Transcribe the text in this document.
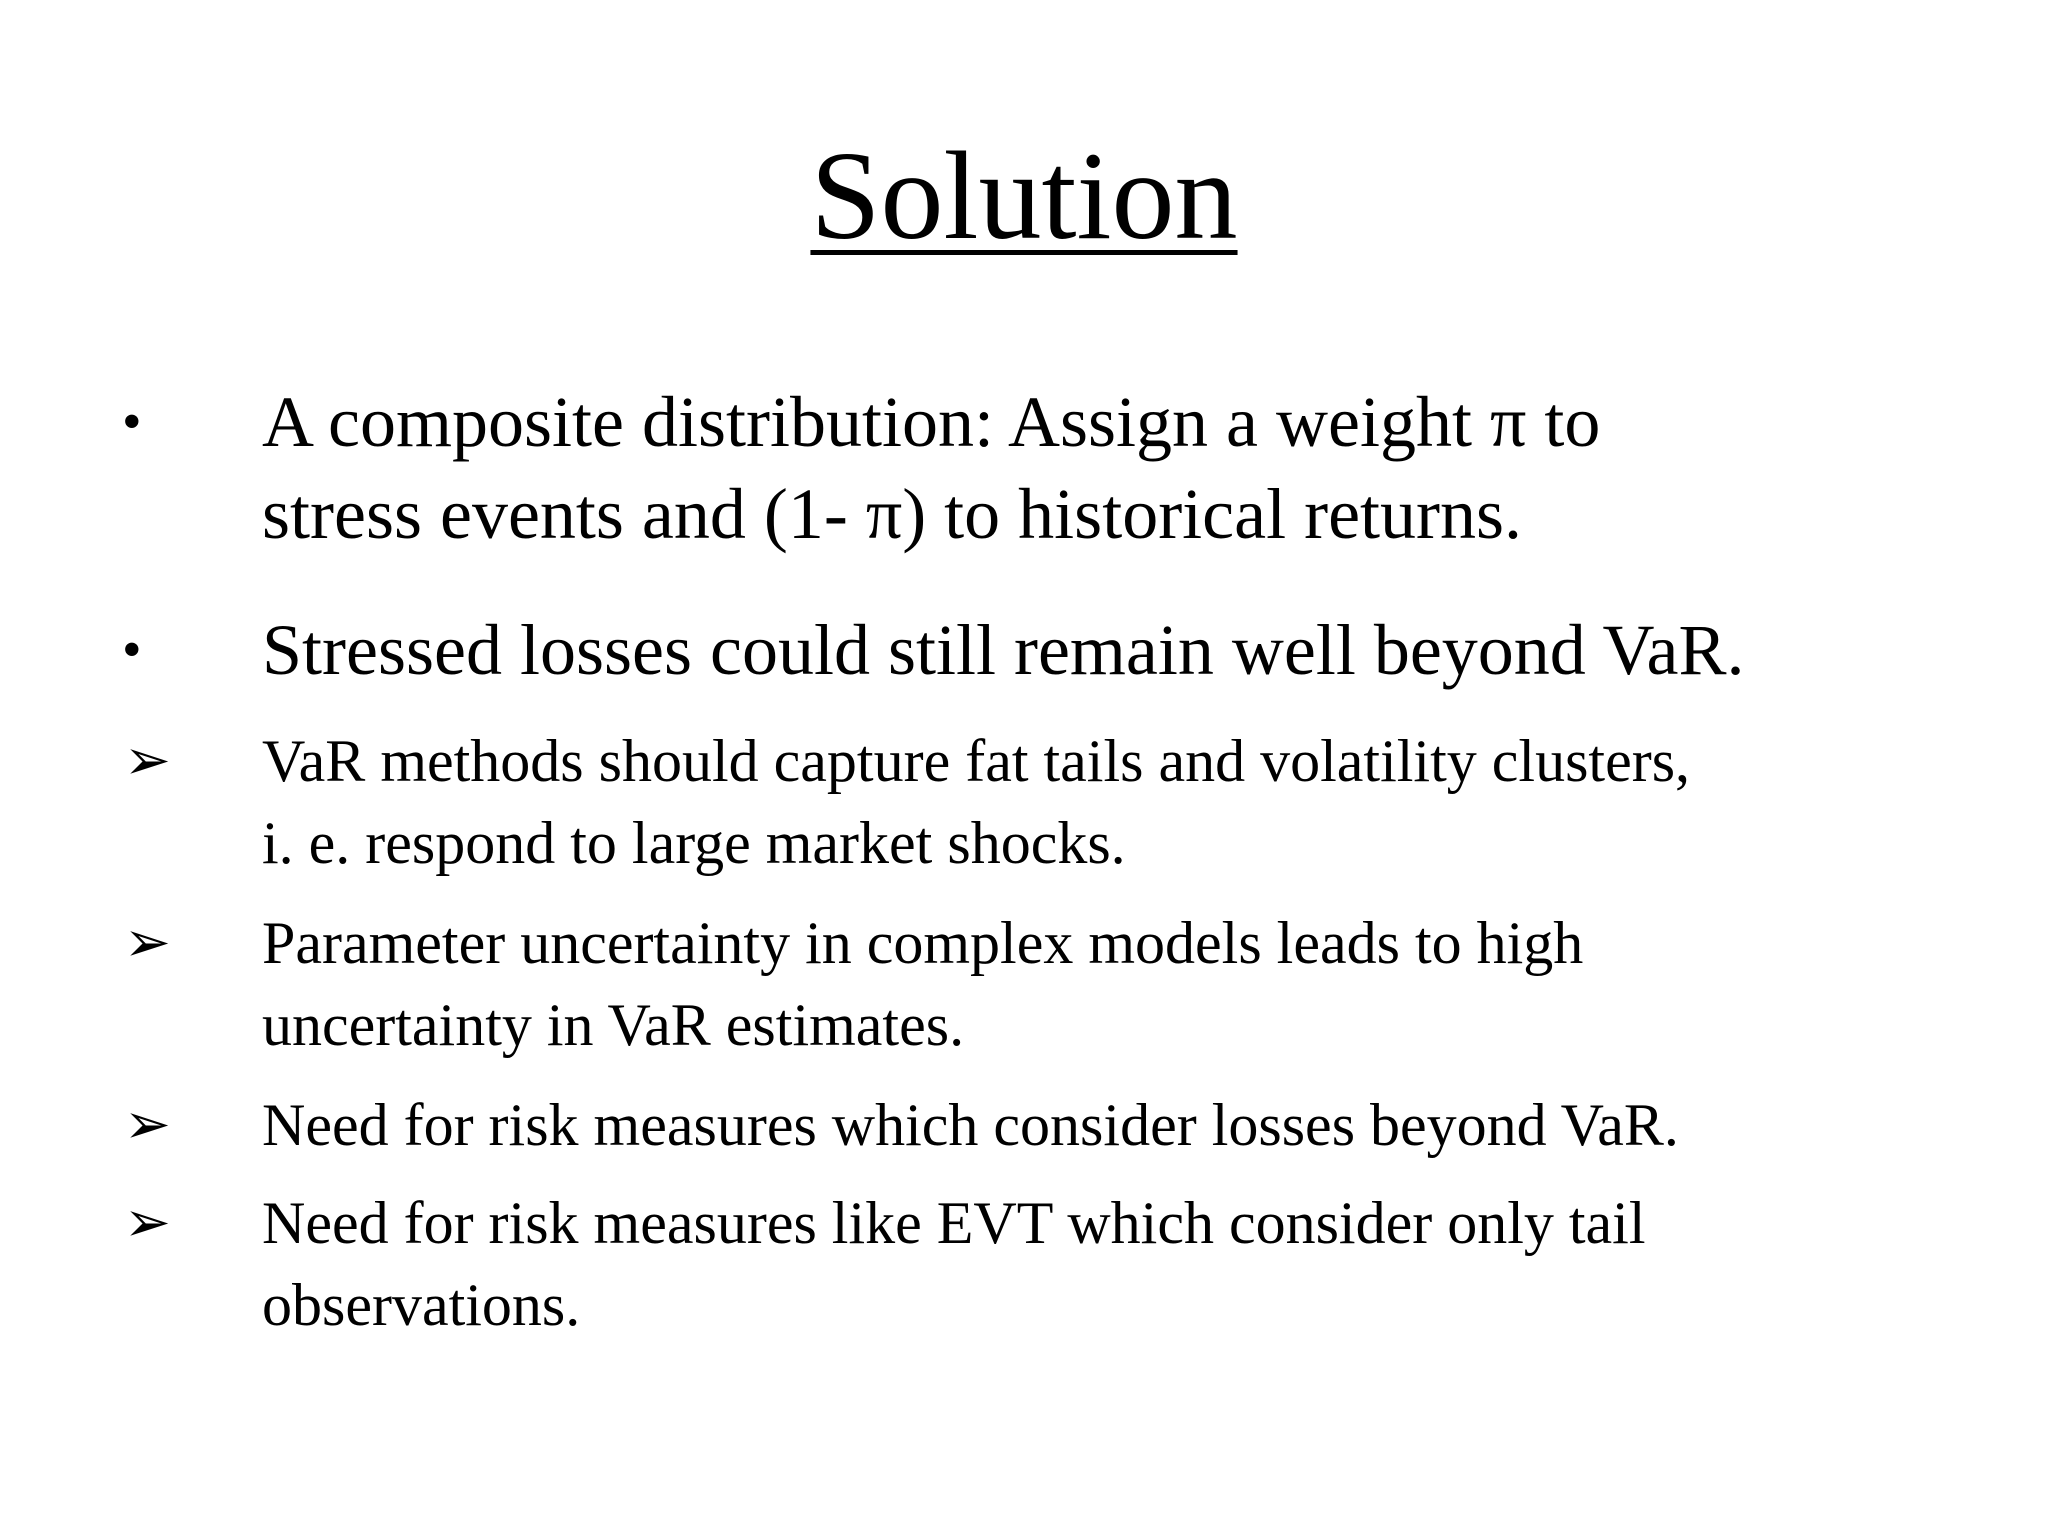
Solution
•	A composite distribution: Assign a weight π to
stress events and (1- π) to historical returns.
•	Stressed losses could still remain well beyond VaR.
➢	VaR methods should capture fat tails and volatility clusters,
i. e. respond to large market shocks.
➢	Parameter uncertainty in complex models leads to high
uncertainty in VaR estimates.
➢	Need for risk measures which consider losses beyond VaR.
➢	Need for risk measures like EVT which consider only tail
observations.
